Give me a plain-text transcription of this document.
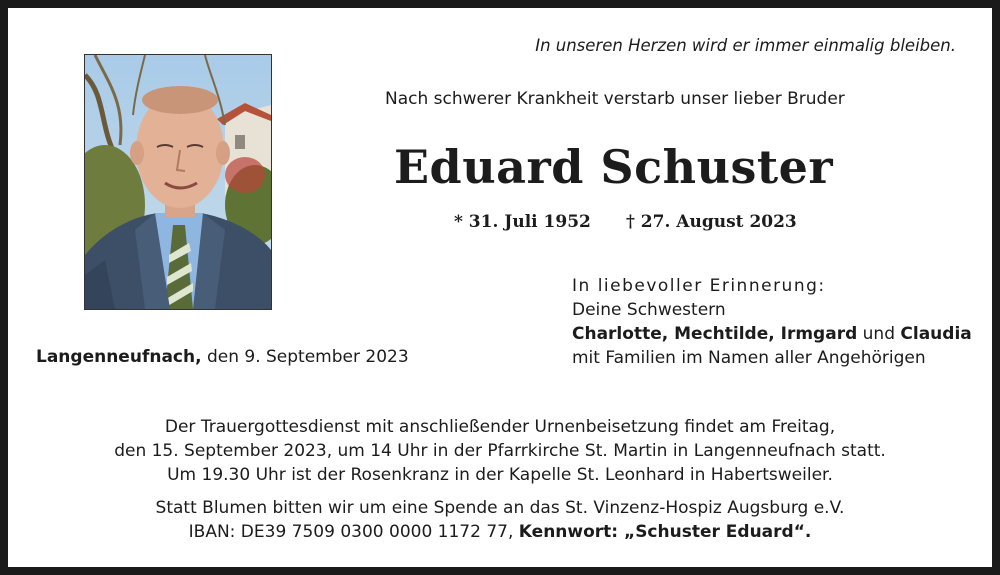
In unseren Herzen wird er immer einmalig bleiben.
Nach schwerer Krankheit verstarb unser lieber Bruder
Eduard Schuster
* 31. Juli 1952 † 27. August 2023
In liebevoller Erinnerung:
Deine Schwestern
Charlotte, Mechtilde, Irmgard und Claudia
mit Familien im Namen aller Angehörigen
Langenneufnach, den 9. September 2023
Der Trauergottesdienst mit anschließender Urnenbeisetzung findet am Freitag,
den 15. September 2023, um 14 Uhr in der Pfarrkirche St. Martin in Langenneufnach statt.
Um 19.30 Uhr ist der Rosenkranz in der Kapelle St. Leonhard in Habertsweiler.
Statt Blumen bitten wir um eine Spende an das St. Vinzenz-Hospiz Augsburg e.V.
IBAN: DE39 7509 0300 0000 1172 77, Kennwort: „Schuster Eduard“.
